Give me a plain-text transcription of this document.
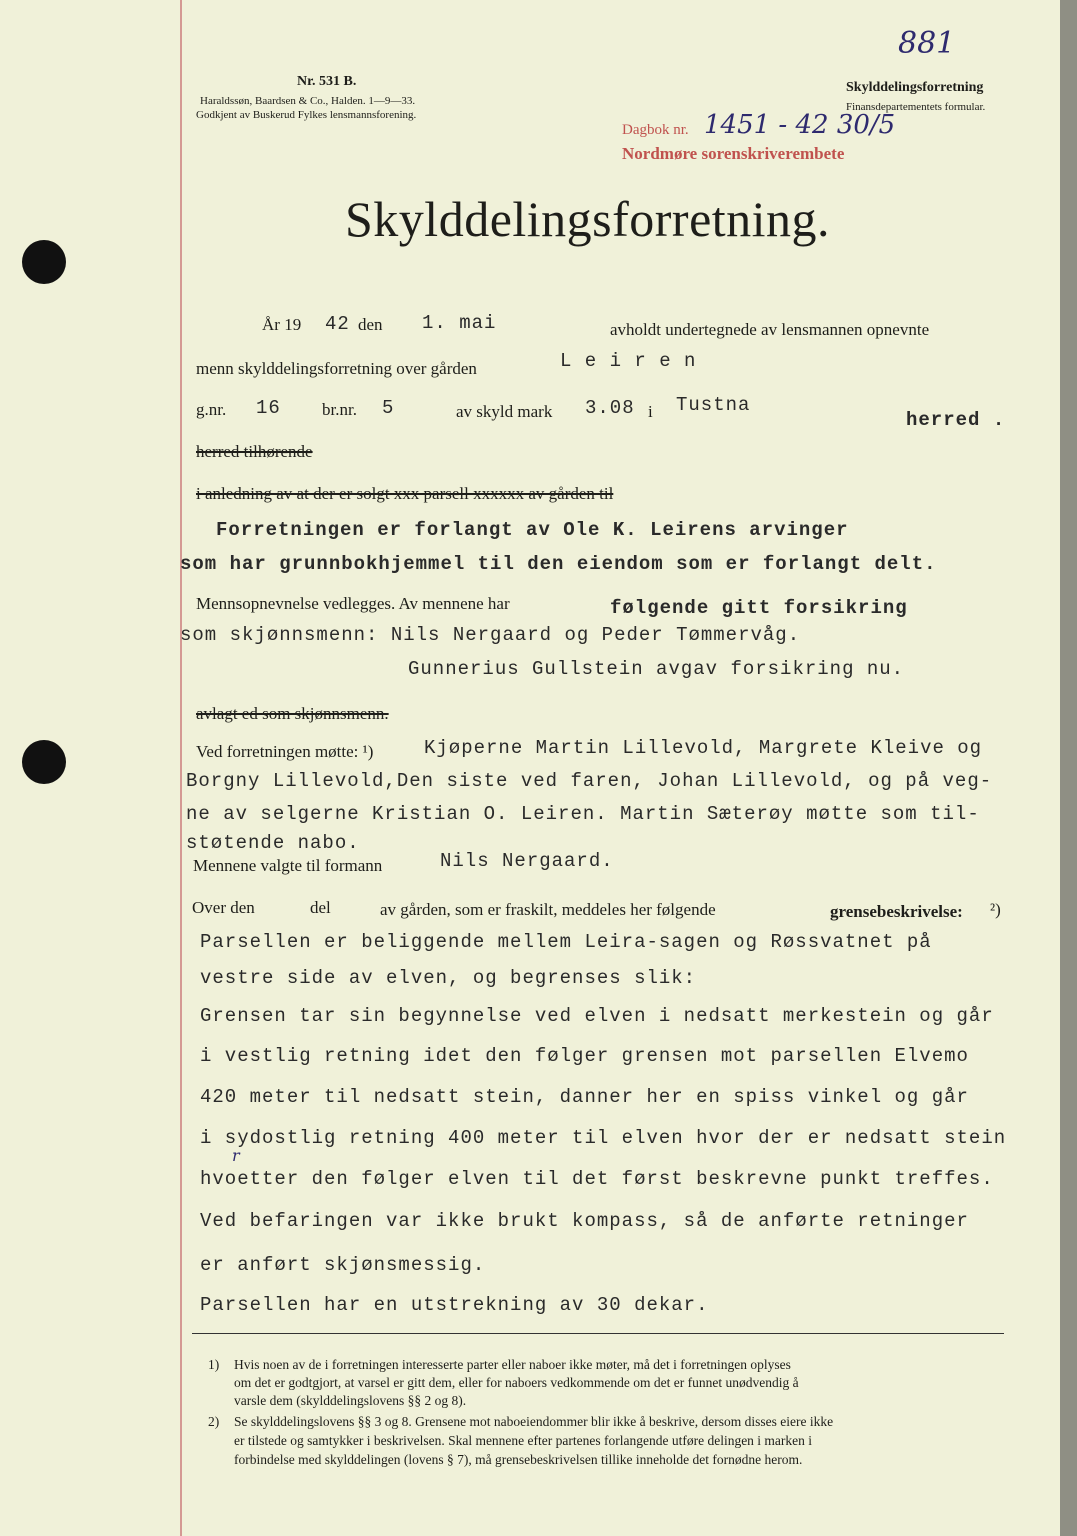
Nr. 531 B.
Haraldssøn, Baardsen & Co., Halden. 1—9—33.
Godkjent av Buskerud Fylkes lensmannsforening.
Skylddelingsforretning
Finansdepartementets formular.
881
Dagbok nr. 1451 - 42 30/5
Nordmøre sorenskriverembete
Skylddelingsforretning.
År 19 42 den 1. mai	avholdt undertegnede av lensmannen opnevnte
menn skylddelingsforretning over gården	L e i r e n
g.nr. 16 br.nr. 5	av skyld mark 3.08 i Tustna
herred .
herred tilhørende
i anledning av at der er solgt xxx parsell xxxxxx av gården til
Forretningen er forlangt av Ole K. Leirens arvinger
som har grunnbokhjemmel til den eiendom som er forlangt delt.
Mennsopnevnelse vedlegges. Av mennene har	følgende gitt forsikring
som skjønnsmenn: Nils Nergaard og Peder Tømmervåg.
Gunnerius Gullstein avgav forsikring nu.
avlagt ed som skjønnsmenn.
Ved forretningen møtte: ¹)	Kjøperne Martin Lillevold, Margrete Kleive og
Borgny Lillevold,Den siste ved faren, Johan Lillevold, og på veg-
ne av selgerne Kristian O. Leiren. Martin Sæterøy møtte som til-
støtende nabo.
Mennene valgte til formann	Nils Nergaard.
Over den	del	av gården, som er fraskilt, meddeles her følgende	grensebeskrivelse: ²)
Parsellen er beliggende mellem Leira-sagen og Røssvatnet på
vestre side av elven, og begrenses slik:
Grensen tar sin begynnelse ved elven i nedsatt merkestein og går
i vestlig retning idet den følger grensen mot parsellen Elvemo
420 meter til nedsatt stein, danner her en spiss vinkel og går
i sydostlig retning 400 meter til elven hvor der er nedsatt stein
r
hvoetter den følger elven til det først beskrevne punkt treffes.
Ved befaringen var ikke brukt kompass, så de anførte retninger
er anført skjønsmessig.
Parsellen har en utstrekning av 30 dekar.
1) Hvis noen av de i forretningen interesserte parter eller naboer ikke møter, må det i forretningen oplyses
om det er godtgjort, at varsel er gitt dem, eller for naboers vedkommende om det er funnet unødvendig å
varsle dem (skylddelingslovens §§ 2 og 8).
2) Se skylddelingslovens §§ 3 og 8. Grensene mot naboeiendommer blir ikke å beskrive, dersom disses eiere ikke
er tilstede og samtykker i beskrivelsen. Skal mennene efter partenes forlangende utføre delingen i marken i
forbindelse med skylddelingen (lovens § 7), må grensebeskrivelsen tillike inneholde det fornødne herom.
